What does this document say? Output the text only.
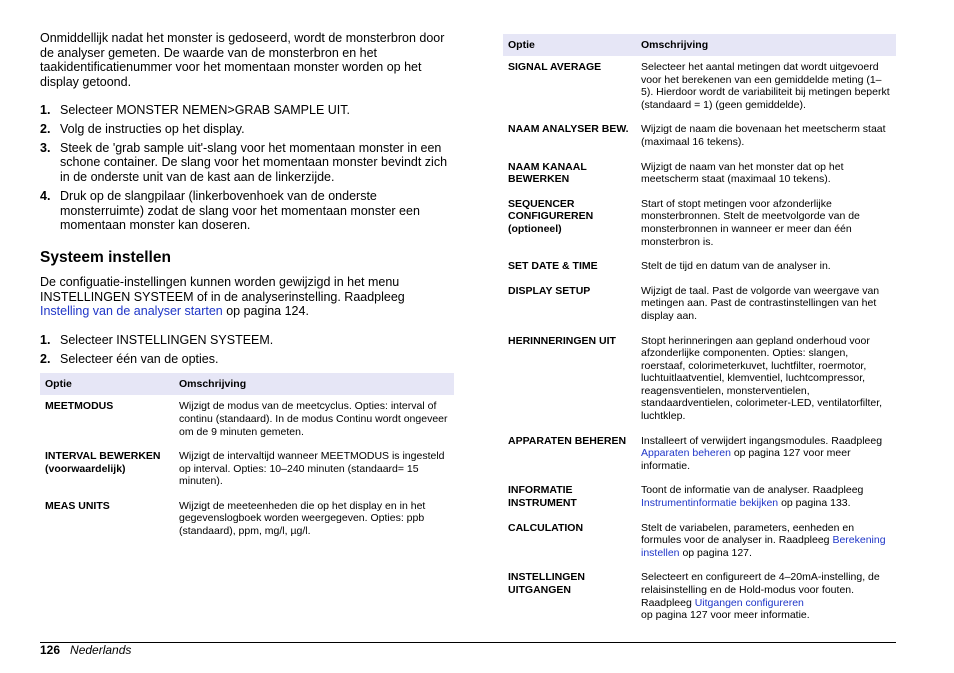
Onmiddellijk nadat het monster is gedoseerd, wordt de monsterbron door de analyser gemeten. De waarde van de monsterbron en het taakidentificatienummer voor het momentaan monster worden op het display getoond.

1. Selecteer MONSTER NEMEN>GRAB SAMPLE UIT.
2. Volg de instructies op het display.
3. Steek de 'grab sample uit'-slang voor het momentaan monster in een schone container. De slang voor het momentaan monster bevindt zich in de onderste unit van de kast aan de linkerzijde.
4. Druk op de slangpilaar (linkerbovenhoek van de onderste monsterruimte) zodat de slang voor het momentaan monster een momentaan monster kan doseren.
Systeem instellen

De configuatie-instellingen kunnen worden gewijzigd in het menu INSTELLINGEN SYSTEEM of in de analyserinstelling. Raadpleeg Instelling van de analyser starten op pagina 124.

1. Selecteer INSTELLINGEN SYSTEEM.
2. Selecteer één van de opties.
Optie	Omschrijving
MEETMODUS	Wijzigt de modus van de meetcyclus. Opties: interval of continu (standaard). In de modus Continu wordt ongeveer om de 9 minuten gemeten.
INTERVAL BEWERKEN (voorwaardelijk)	Wijzigt de intervaltijd wanneer MEETMODUS is ingesteld op interval. Opties: 10–240 minuten (standaard= 15 minuten).
MEAS UNITS	Wijzigt de meeteenheden die op het display en in het gegevenslogboek worden weergegeven. Opties: ppb (standaard), ppm, mg/l, µg/l.
Optie	Omschrijving
SIGNAL AVERAGE	Selecteer het aantal metingen dat wordt uitgevoerd voor het berekenen van een gemiddelde meting (1–5). Hierdoor wordt de variabiliteit bij metingen beperkt (standaard = 1) (geen gemiddelde).
NAAM ANALYSER BEW.	Wijzigt de naam die bovenaan het meetscherm staat (maximaal 16 tekens).
NAAM KANAAL BEWERKEN	Wijzigt de naam van het monster dat op het meetscherm staat (maximaal 10 tekens).
SEQUENCER CONFIGUREREN (optioneel)	Start of stopt metingen voor afzonderlijke monsterbronnen. Stelt de meetvolgorde van de monsterbronnen in wanneer er meer dan één monsterbron is.
SET DATE & TIME	Stelt de tijd en datum van de analyser in.
DISPLAY SETUP	Wijzigt de taal. Past de volgorde van weergave van metingen aan. Past de contrastinstellingen van het display aan.
HERINNERINGEN UIT	Stopt herinneringen aan gepland onderhoud voor afzonderlijke componenten. Opties: slangen, roerstaaf, colorimeterkuvet, luchtfilter, roermotor, luchtuitlaatventiel, klemventiel, luchtcompressor, reagensventielen, monsterventielen, standaardventielen, colorimeter-LED, ventilatorfilter, luchtklep.
APPARATEN BEHEREN	Installeert of verwijdert ingangsmodules. Raadpleeg Apparaten beheren op pagina 127 voor meer informatie.
INFORMATIE INSTRUMENT	Toont de informatie van de analyser. Raadpleeg Instrumentinformatie bekijken op pagina 133.
CALCULATION	Stelt de variabelen, parameters, eenheden en formules voor de analyser in. Raadpleeg Berekening instellen op pagina 127.
INSTELLINGEN UITGANGEN	Selecteert en configureert de 4–20mA-instelling, de relaisinstelling en de Hold-modus voor fouten. Raadpleeg Uitgangen configureren
op pagina 127 voor meer informatie.
126 Nederlands
